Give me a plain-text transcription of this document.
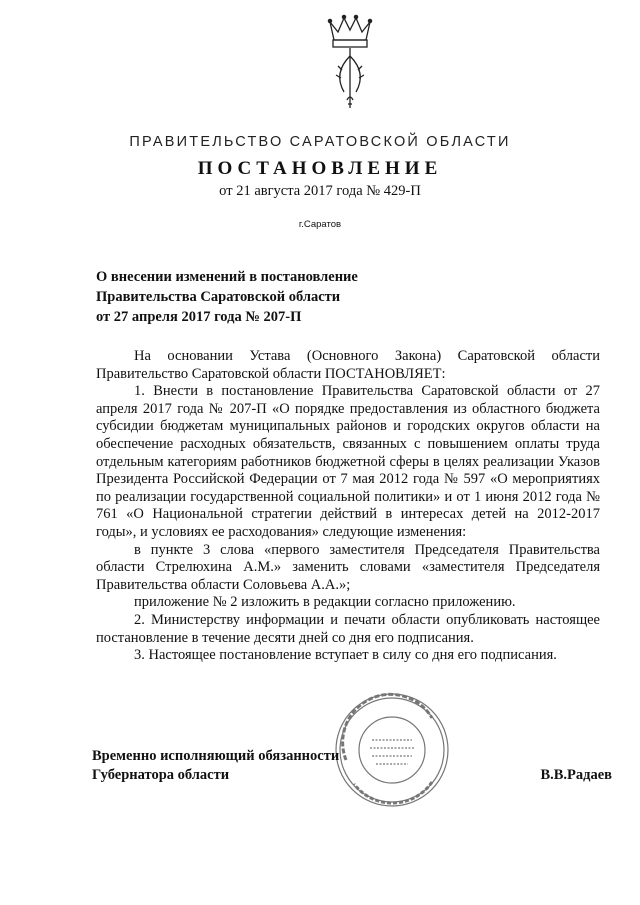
ПРАВИТЕЛЬСТВО САРАТОВСКОЙ ОБЛАСТИ
ПОСТАНОВЛЕНИЕ
от 21 августа 2017 года № 429-П
г.Саратов
О внесении изменений в постановление
Правительства Саратовской области
от 27 апреля 2017 года № 207-П

На основании Устава (Основного Закона) Саратовской области Правительство Саратовской области ПОСТАНОВЛЯЕТ:

1. Внести в постановление Правительства Саратовской области от 27 апреля 2017 года № 207-П «О порядке предоставления из областного бюджета субсидии бюджетам муниципальных районов и городских округов области на обеспечение расходных обязательств, связанных с повышением оплаты труда отдельным категориям работников бюджетной сферы в целях реализации Указов Президента Российской Федерации от 7 мая 2012 года № 597 «О мероприятиях по реализации государственной социальной политики» и от 1 июня 2012 года № 761 «О Национальной стратегии действий в интересах детей на 2012-2017 годы», и условиях ее расходования» следующие изменения:

в пункте 3 слова «первого заместителя Председателя Правительства области Стрелюхина А.М.» заменить словами «заместителя Председателя Правительства области Соловьева А.А.»;

приложение № 2 изложить в редакции согласно приложению.

2. Министерству информации и печати области опубликовать настоящее постановление в течение десяти дней со дня его подписания.

3. Настоящее постановление вступает в силу со дня его подписания.

Временно исполняющий обязанности
Губернатора области	В.В.Радаев
